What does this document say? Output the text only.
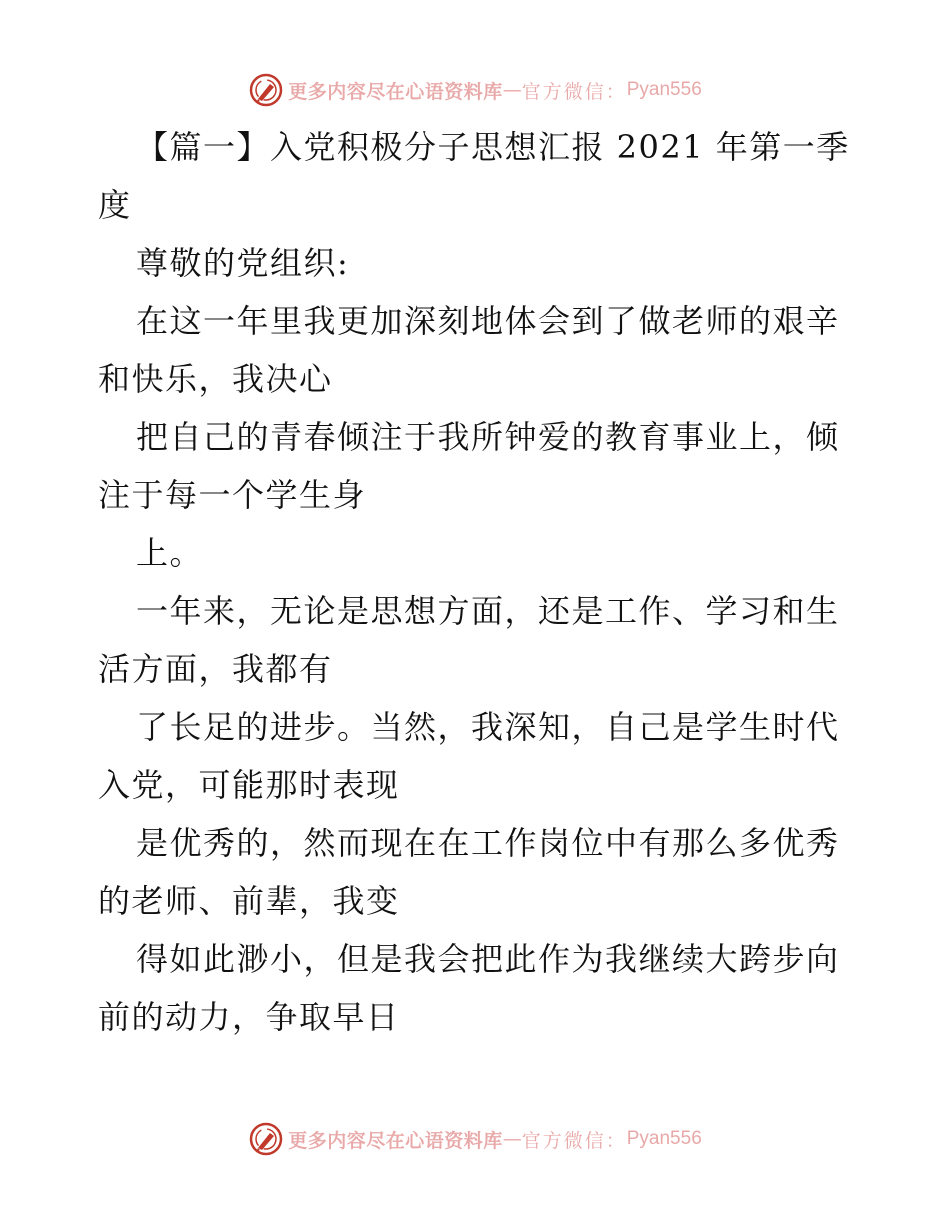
更多内容尽在心语资料库 — 官方微信： Pyan556
【篇一】入党积极分子思想汇报 2021 年第一季
度
尊敬的党组织:
在这一年里我更加深刻地体会到了做老师的艰辛
和快乐，我决心
把自己的青春倾注于我所钟爱的教育事业上，倾
注于每一个学生身
上。
一年来，无论是思想方面，还是工作、学习和生
活方面，我都有
了长足的进步。当然，我深知，自己是学生时代
入党，可能那时表现
是优秀的，然而现在在工作岗位中有那么多优秀
的老师、前辈，我变
得如此渺小，但是我会把此作为我继续大跨步向
前的动力，争取早日
更多内容尽在心语资料库 — 官方微信： Pyan556
